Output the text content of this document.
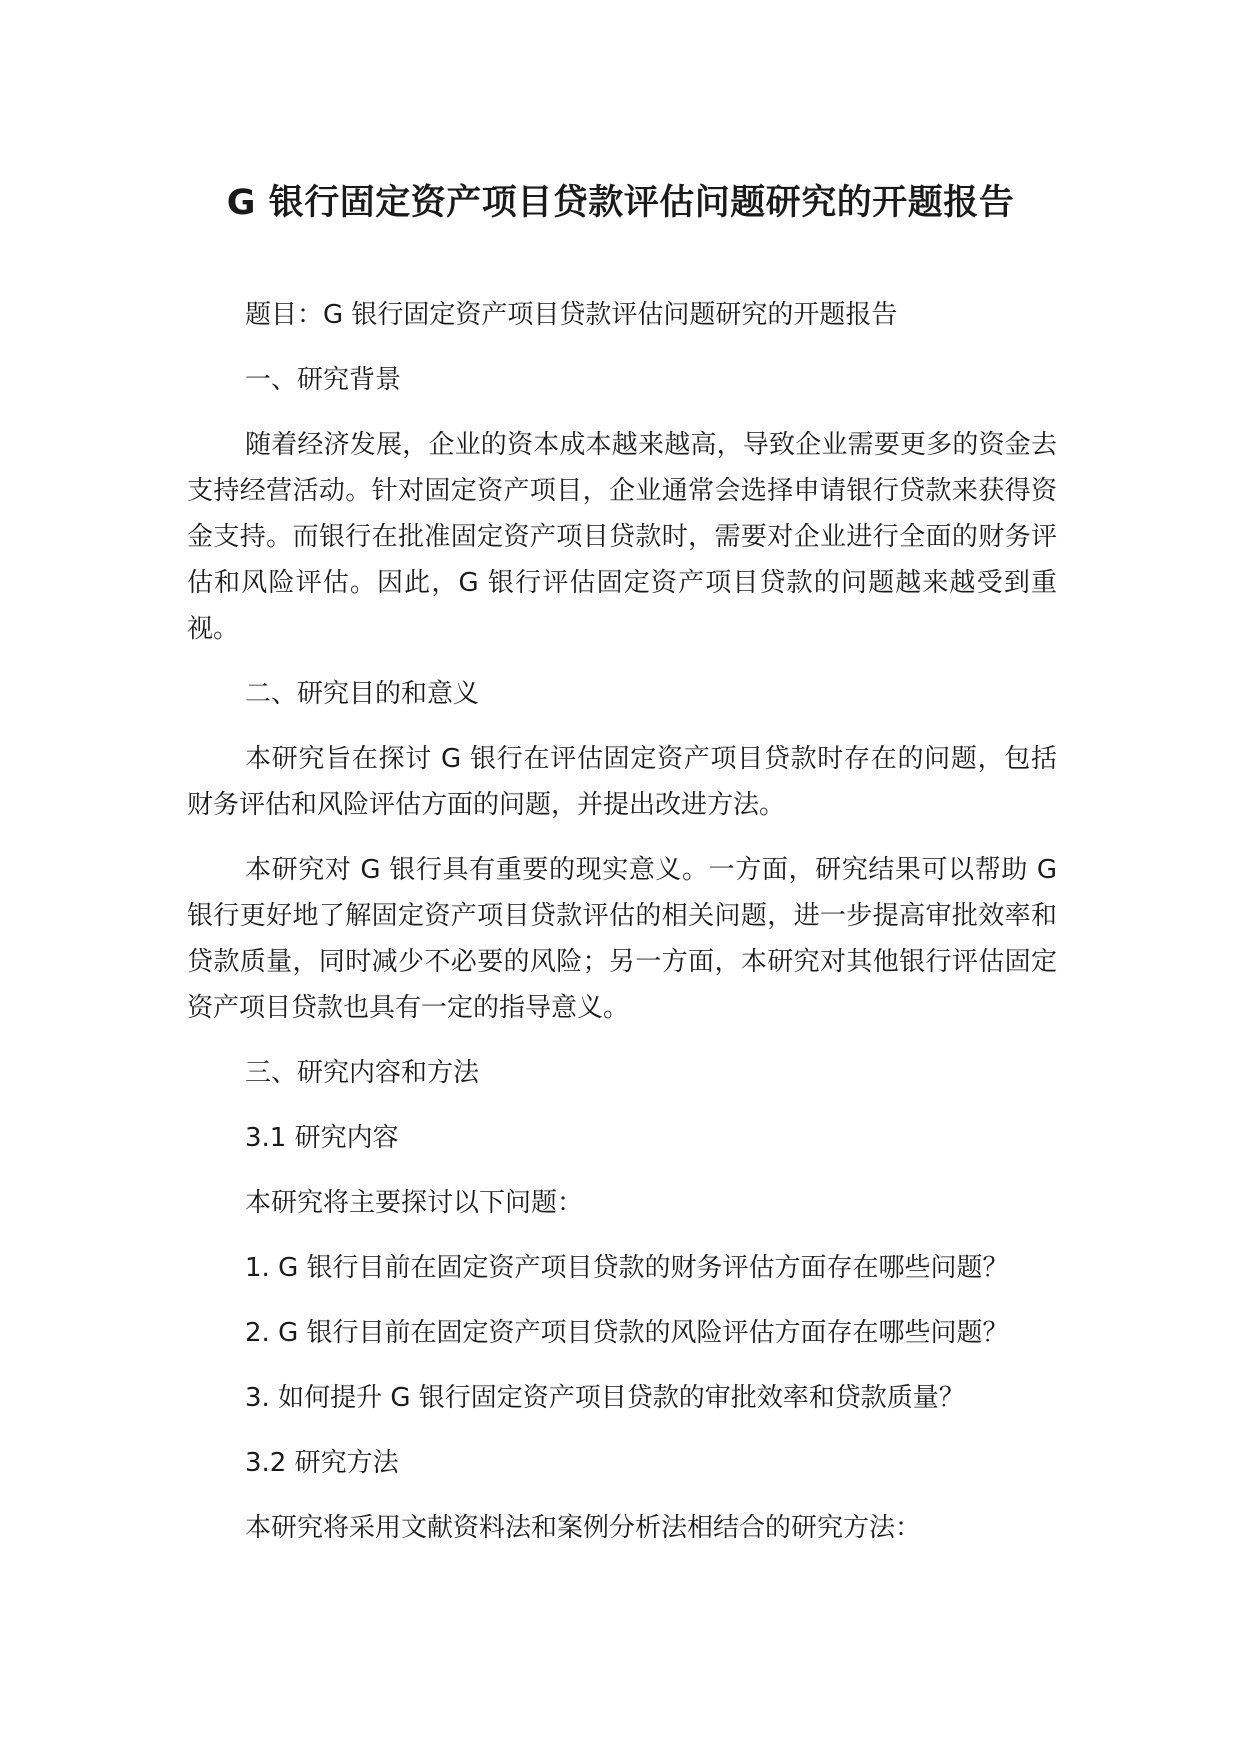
G 银行固定资产项目贷款评估问题研究的开题报告

题目：G 银行固定资产项目贷款评估问题研究的开题报告

一、研究背景

随着经济发展，企业的资本成本越来越高，导致企业需要更多的资金去支持经营活动。针对固定资产项目，企业通常会选择申请银行贷款来获得资金支持。而银行在批准固定资产项目贷款时，需要对企业进行全面的财务评估和风险评估。因此，G 银行评估固定资产项目贷款的问题越来越受到重视。

二、研究目的和意义

本研究旨在探讨 G 银行在评估固定资产项目贷款时存在的问题，包括财务评估和风险评估方面的问题，并提出改进方法。

本研究对 G 银行具有重要的现实意义。一方面，研究结果可以帮助 G 银行更好地了解固定资产项目贷款评估的相关问题，进一步提高审批效率和贷款质量，同时减少不必要的风险；另一方面，本研究对其他银行评估固定资产项目贷款也具有一定的指导意义。

三、研究内容和方法

3.1 研究内容

本研究将主要探讨以下问题：

1. G 银行目前在固定资产项目贷款的财务评估方面存在哪些问题？

2. G 银行目前在固定资产项目贷款的风险评估方面存在哪些问题？

3. 如何提升 G 银行固定资产项目贷款的审批效率和贷款质量？

3.2 研究方法

本研究将采用文献资料法和案例分析法相结合的研究方法：
